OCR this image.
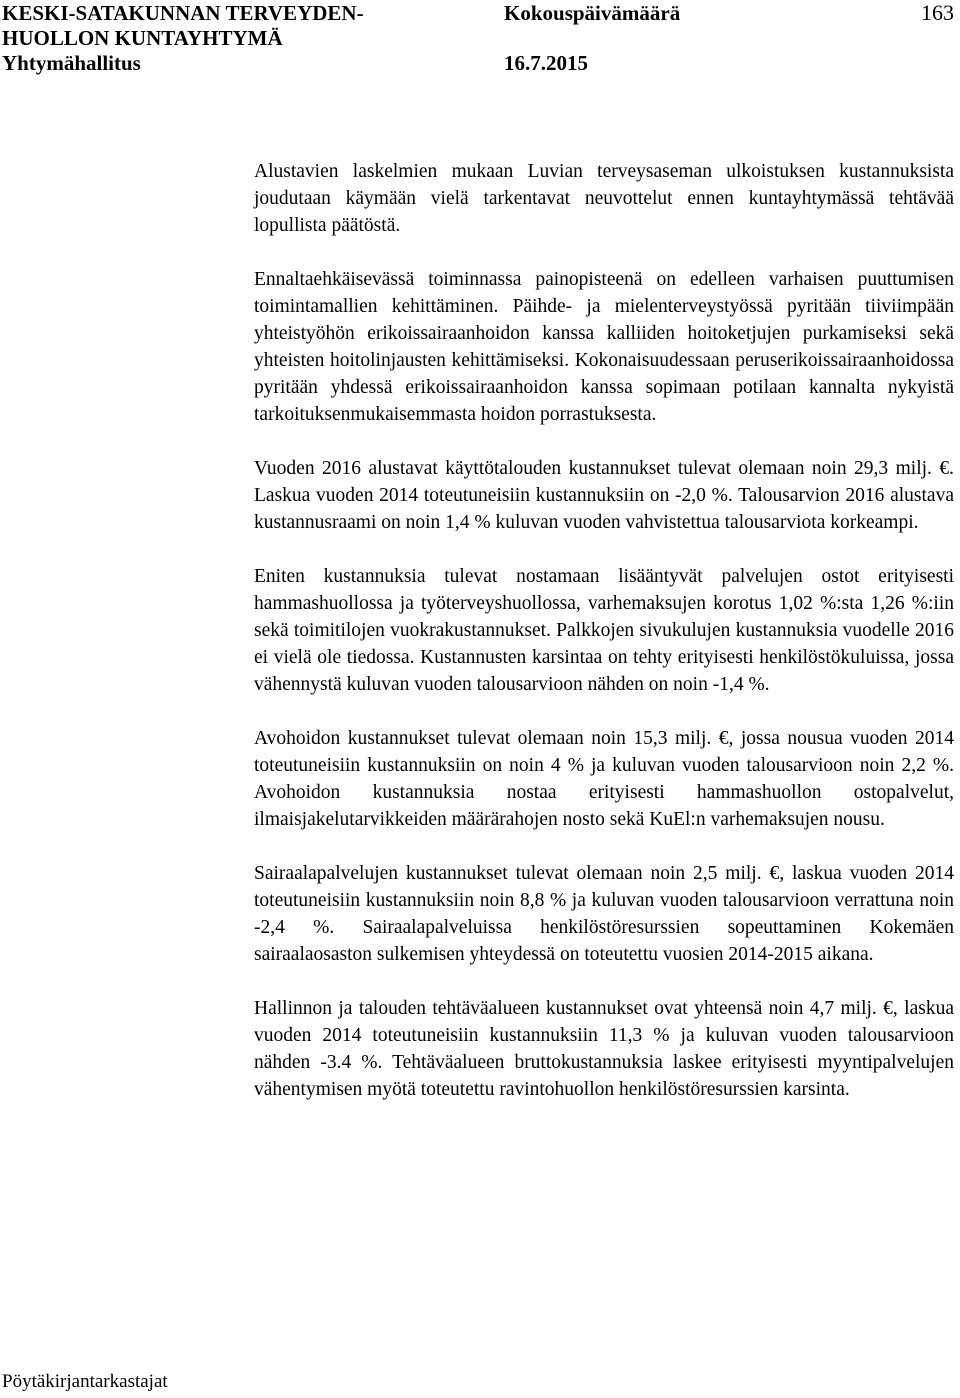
KESKI-SATAKUNNAN TERVEYDEN-
HUOLLON KUNTAYHTYMÄ
Yhtymähallitus
Kokouspäivämäärä
16.7.2015
163

Alustavien laskelmien mukaan Luvian terveysaseman ulkoistuksen kustannuksista joudutaan käymään vielä tarkentavat neuvottelut ennen kuntayhtymässä tehtävää lopullista päätöstä.

Ennaltaehkäisevässä toiminnassa painopisteenä on edelleen varhaisen puuttumisen toimintamallien kehittäminen. Päihde- ja mielenterveystyössä pyritään tiiviimpään yhteistyöhön erikoissairaanhoidon kanssa kalliiden hoitoketjujen purkamiseksi sekä yhteisten hoitolinjausten kehittämiseksi. Kokonaisuudessaan peruserikoissairaanhoidossa pyritään yhdessä erikoissairaanhoidon kanssa sopimaan potilaan kannalta nykyistä tarkoituksenmukaisemmasta hoidon porrastuksesta.

Vuoden 2016 alustavat käyttötalouden kustannukset tulevat olemaan noin 29,3 milj. €. Laskua vuoden 2014 toteutuneisiin kustannuksiin on -2,0 %. Talousarvion 2016 alustava kustannusraami on noin 1,4 % kuluvan vuoden vahvistettua talousarviota korkeampi.

Eniten kustannuksia tulevat nostamaan lisääntyvät palvelujen ostot erityisesti hammashuollossa ja työterveyshuollossa, varhemaksujen korotus 1,02 %:sta 1,26 %:iin sekä toimitilojen vuokrakustannukset. Palkkojen sivukulujen kustannuksia vuodelle 2016 ei vielä ole tiedossa. Kustannusten karsintaa on tehty erityisesti henkilöstökuluissa, jossa vähennystä kuluvan vuoden talousarvioon nähden on noin -1,4 %.

Avohoidon kustannukset tulevat olemaan noin 15,3 milj. €, jossa nousua vuoden 2014 toteutuneisiin kustannuksiin on noin 4 % ja kuluvan vuoden talousarvioon noin 2,2 %. Avohoidon kustannuksia nostaa erityisesti hammashuollon ostopalvelut, ilmaisjakelutarvikkeiden määrärahojen nosto sekä KuEl:n varhemaksujen nousu.

Sairaalapalvelujen kustannukset tulevat olemaan noin 2,5 milj. €, laskua vuoden 2014 toteutuneisiin kustannuksiin noin 8,8 % ja kuluvan vuoden talousarvioon verrattuna noin -2,4 %. Sairaalapalveluissa henkilöstöresurssien sopeuttaminen Kokemäen sairaalaosaston sulkemisen yhteydessä on toteutettu vuosien 2014-2015 aikana.

Hallinnon ja talouden tehtäväalueen kustannukset ovat yhteensä noin 4,7 milj. €, laskua vuoden 2014 toteutuneisiin kustannuksiin 11,3 % ja kuluvan vuoden talousarvioon nähden -3.4 %. Tehtäväalueen bruttokustannuksia laskee erityisesti myyntipalvelujen vähentymisen myötä toteutettu ravintohuollon henkilöstöresurssien karsinta.

Pöytäkirjantarkastajat
